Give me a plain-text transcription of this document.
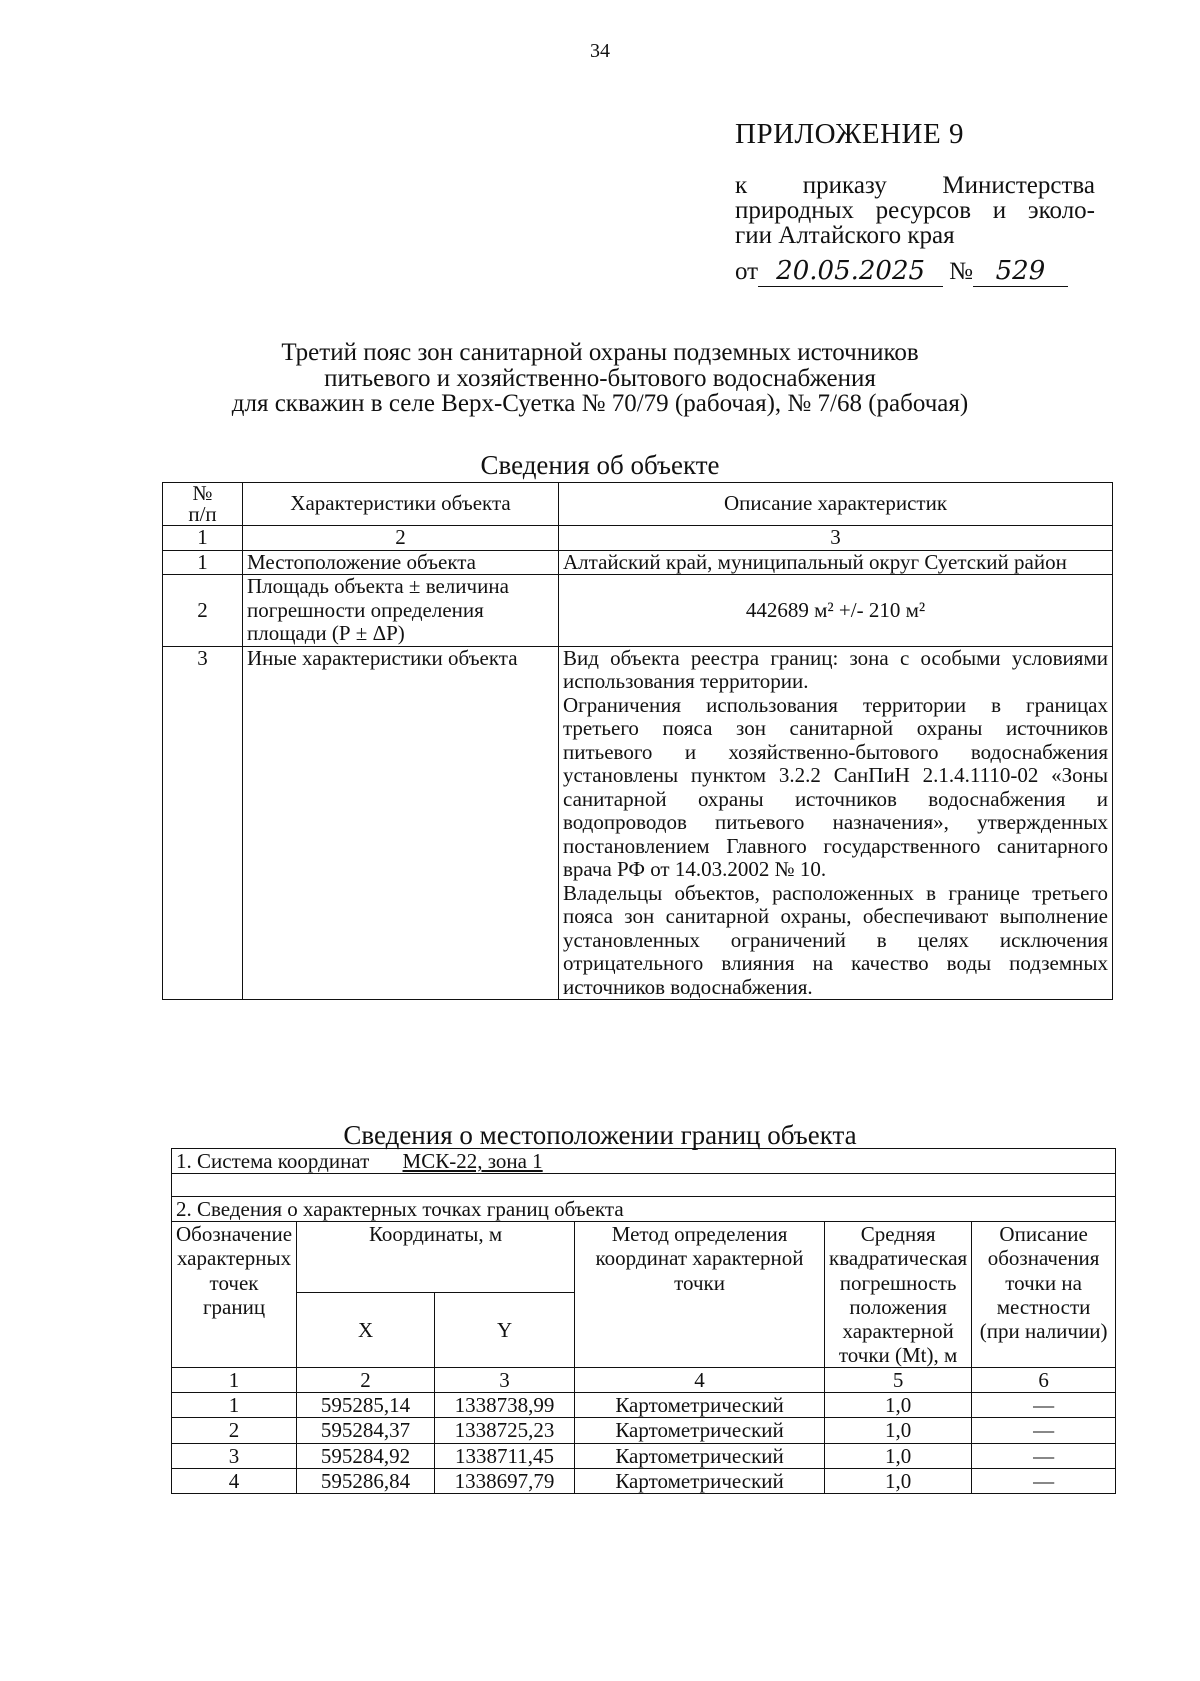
34
ПРИЛОЖЕНИЕ 9
к приказу Министерства
природных ресурсов и эколо-
гии Алтайского края
от 20.05.2025 № 529
Третий пояс зон санитарной охраны подземных источников
питьевого и хозяйственно-бытового водоснабжения
для скважин в селе Верх-Суетка № 70/79 (рабочая), № 7/68 (рабочая)
Сведения об объекте
№
п/п	Характеристики объекта	Описание характеристик
1	2	3
1	Местоположение объекта	Алтайский край, муниципальный округ Суетский район
2	Площадь объекта ± величина погрешности определения площади (Р ± ΔР)	442689 м² +/- 210 м²
3	Иные характеристики объекта	Вид объекта реестра границ: зона с особыми условиями использования территории.

Ограничения использования территории в границах третьего пояса зон санитарной охраны источников питьевого и хозяйственно-бытового водоснабжения установлены пунктом 3.2.2 СанПиН 2.1.4.1110-02 «Зоны санитарной охраны источников водоснабжения и водопроводов питьевого назначения», утвержденных постановлением Главного государственного санитарного врача РФ от 14.03.2002 № 10.

Владельцы объектов, расположенных в границе третьего пояса зон санитарной охраны, обеспечивают выполнение установленных ограничений в целях исключения отрицательного влияния на качество воды подземных источников водоснабжения.

Сведения о местоположении границ объекта
1. Система координат МСК-22, зона 1					

2. Сведения о характерных точках границ объекта					
Обозначение характерных точек границ	Координаты, м		Метод определения координат характерной точки	Средняя квадратическая погрешность положения характерной точки (Mt), м	Описание обозначения точки на местности (при наличии)
	X	Y			
1	2	3	4	5	6
1	595285,14	1338738,99	Картометрический	1,0	—
2	595284,37	1338725,23	Картометрический	1,0	—
3	595284,92	1338711,45	Картометрический	1,0	—
4	595286,84	1338697,79	Картометрический	1,0	—
